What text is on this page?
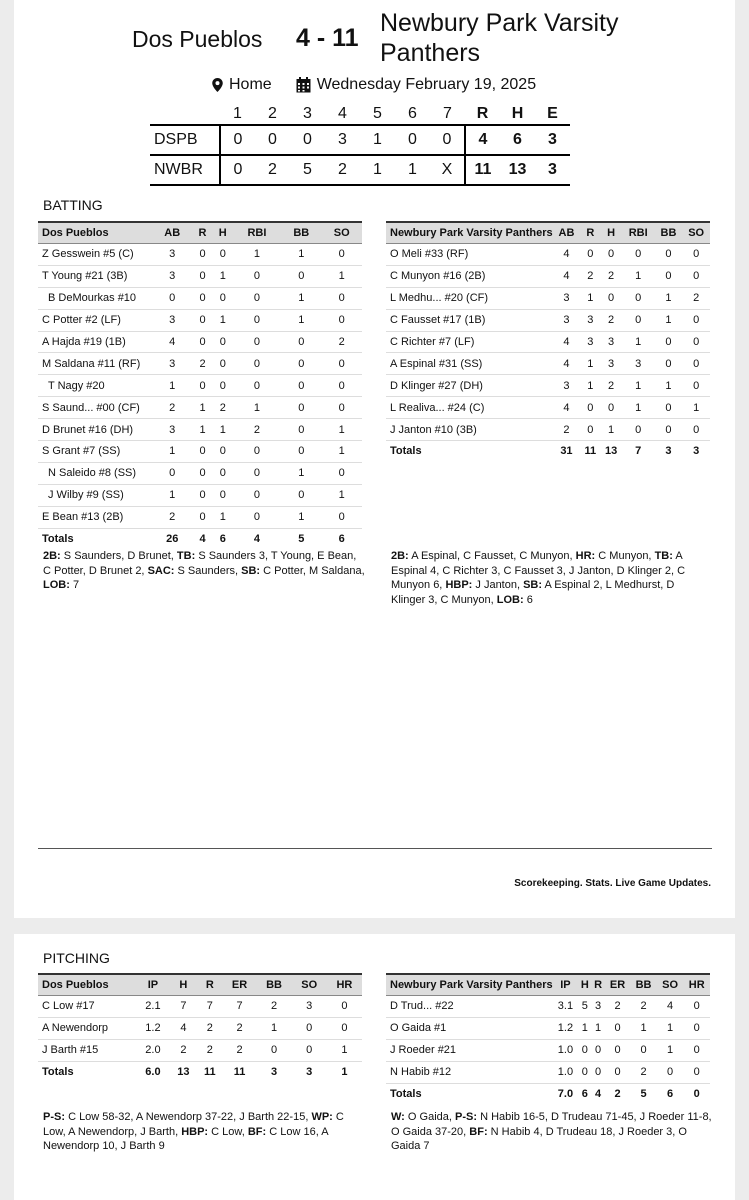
Dos Pueblos 4 - 11
Newbury Park Varsity Panthers
Home	Wednesday February 19, 2025
	1	2	3	4	5	6	7	R	H	E
DSPB	0	0	0	3	1	0	0	4	6	3
NWBR	0	2	5	2	1	1	X	11	13	3
BATTING
Dos Pueblos	AB	R	H	RBI	BB	SO
Z Gesswein #5 (C)	3	0	0	1	1	0
T Young #21 (3B)	3	0	1	0	0	1
B DeMourkas #10	0	0	0	0	1	0
C Potter #2 (LF)	3	0	1	0	1	0
A Hajda #19 (1B)	4	0	0	0	0	2
M Saldana #11 (RF)	3	2	0	0	0	0
T Nagy #20	1	0	0	0	0	0
S Saund... #00 (CF)	2	1	2	1	0	0
D Brunet #16 (DH)	3	1	1	2	0	1
S Grant #7 (SS)	1	0	0	0	0	1
N Saleido #8 (SS)	0	0	0	0	1	0
J Wilby #9 (SS)	1	0	0	0	0	1
E Bean #13 (2B)	2	0	1	0	1	0
Totals	26	4	6	4	5	6
Newbury Park Varsity Panthers	AB	R	H	RBI	BB	SO
O Meli #33 (RF)	4	0	0	0	0	0
C Munyon #16 (2B)	4	2	2	1	0	0
L Medhu... #20 (CF)	3	1	0	0	1	2
C Fausset #17 (1B)	3	3	2	0	1	0
C Richter #7 (LF)	4	3	3	1	0	0
A Espinal #31 (SS)	4	1	3	3	0	0
D Klinger #27 (DH)	3	1	2	1	1	0
L Realiva... #24 (C)	4	0	0	1	0	1
J Janton #10 (3B)	2	0	1	0	0	0
Totals	31	11	13	7	3	3
2B: S Saunders, D Brunet, TB: S Saunders 3, T Young, E Bean, C Potter, D Brunet 2, SAC: S Saunders, SB: C Potter, M Saldana, LOB: 7
2B: A Espinal, C Fausset, C Munyon, HR: C Munyon, TB: A Espinal 4, C Richter 3, C Fausset 3, J Janton, D Klinger 2, C Munyon 6, HBP: J Janton, SB: A Espinal 2, L Medhurst, D Klinger 3, C Munyon, LOB: 6
Scorekeeping. Stats. Live Game Updates.
PITCHING
Dos Pueblos	IP	H	R	ER	BB	SO	HR
C Low #17	2.1	7	7	7	2	3	0
A Newendorp	1.2	4	2	2	1	0	0
J Barth #15	2.0	2	2	2	0	0	1
Totals	6.0	13	11	11	3	3	1
Newbury Park Varsity Panthers	IP	H	R	ER	BB	SO	HR
D Trud... #22	3.1	5	3	2	2	4	0
O Gaida #1	1.2	1	1	0	1	1	0
J Roeder #21	1.0	0	0	0	0	1	0
N Habib #12	1.0	0	0	0	2	0	0
Totals	7.0	6	4	2	5	6	0
P-S: C Low 58-32, A Newendorp 37-22, J Barth 22-15, WP: C Low, A Newendorp, J Barth, HBP: C Low, BF: C Low 16, A Newendorp 10, J Barth 9
W: O Gaida, P-S: N Habib 16-5, D Trudeau 71-45, J Roeder 11-8, O Gaida 37-20, BF: N Habib 4, D Trudeau 18, J Roeder 3, O Gaida 7
